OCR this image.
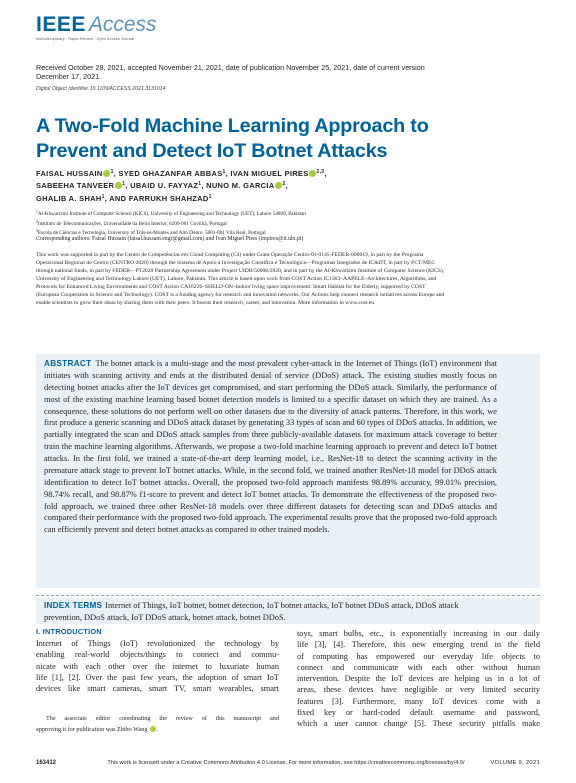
IEEE Access
Multidisciplinary : Rapid Review : Open Access Journal
Received October 28, 2021, accepted November 21, 2021, date of publication November 25, 2021, date of current version December 17, 2021.
Digital Object Identifier 10.1109/ACCESS.2021.3131014
A Two-Fold Machine Learning Approach to
Prevent and Detect IoT Botnet Attacks
FAISAL HUSSAIN $^1$, SYED GHAZANFAR ABBAS$^1$, IVAN MIGUEL PIRES $^{2,3}$,
SABEEHA TANVEER $^1$, UBAID U. FAYYAZ$^1$, NUNO M. GARCIA $^2$,
GHALIB A. SHAH$^1$, AND FARRUKH SHAHZAD$^1$
$^1$Al-Khwarizmi Institute of Computer Science (KICS), University of Engineering and Technology (UET), Lahore 54890, Pakistan
$^2$Instituto de Telecomunicações, Universidade da Beira Interior, 6200-001 Covilhã, Portugal
$^3$Escola de Ciências e Tecnologia, University of Trás-os-Montes and Alto Douro, 5001-801 Vila Real, Portugal
Corresponding authors: Faisal Hussain (faisal.hussain.engr@gmail.com) and Ivan Miguel Pires (impires@it.ubi.pt)
This work was supported in part by the Centro de Competências em Cloud Computing (C4) under Grant Operação Centro-01-0145-FEDER-000019, in part by the Programa Operacional Regional do Centro (CENTRO 2020) through the Sistema de Apoio à Investigação Científica e Tecnológica—Programas Integrados de IC&DT, in part by FCT/MEC through national funds, in part by FEDER—PT2020 Partnership Agreement under Project UIDB/50008/2020, and in part by the Al-Khwarizmi Institute of Computer Science (KICS), University of Engineering and Technology Lahore (UET), Lahore, Pakistan. This article is based upon work from COST Action IC1303–AAPELE–Architectures, Algorithms, and Protocols for Enhanced Living Environments and COST Action CA16226–SHELD-ON–Indoor living space improvement: Smart Habitat for the Elderly, supported by COST (European Cooperation in Science and Technology). COST is a funding agency for research and innovation networks. Our Actions help connect research initiatives across Europe and enable scientists to grow their ideas by sharing them with their peers. It boosts their research, career, and innovation. More information in www.cost.eu.
ABSTRACT The botnet attack is a multi-stage and the most prevalent cyber-attack in the Internet of Things (IoT) environment that initiates with scanning activity and ends at the distributed denial of service (DDoS) attack. The existing studies mostly focus on detecting botnet attacks after the IoT devices get compromised, and start performing the DDoS attack. Similarly, the performance of most of the existing machine learning based botnet detection models is limited to a specific dataset on which they are trained. As a consequence, these solutions do not perform well on other datasets due to the diversity of attack patterns. Therefore, in this work, we first produce a generic scanning and DDoS attack dataset by generating 33 types of scan and 60 types of DDoS attacks. In addition, we partially integrated the scan and DDoS attack samples from three publicly-available datasets for maximum attack coverage to better train the machine learning algorithms. Afterwards, we propose a two-fold machine learning approach to prevent and detect IoT botnet attacks. In the first fold, we trained a state-of-the-art deep learning model, i.e., ResNet-18 to detect the scanning activity in the premature attack stage to prevent IoT botnet attacks. While, in the second fold, we trained another ResNet-18 model for DDoS attack identification to detect IoT botnet attacks. Overall, the proposed two-fold approach manifests 98.89% accuracy, 99.01% precision, 98.74% recall, and 98.87% f1-score to prevent and detect IoT botnet attacks. To demonstrate the effectiveness of the proposed two-fold approach, we trained three other ResNet-18 models over three different datasets for detecting scan and DDoS attacks and compared their performance with the proposed two-fold approach. The experimental results prove that the proposed two-fold approach can efficiently prevent and detect botnet attacks as compared to other trained models.
INDEX TERMS Internet of Things, IoT botnet, botnet detection, IoT botnet attacks, IoT botnet DDoS attack, DDoS attack prevention, DDoS attack, IoT DDoS attack, botnet attack, botnet DDoS.
I. INTRODUCTION
Internet of Things (IoT) revolutionized the technology by
enabling real-world objects/things to connect and commu-
nicate with each other over the internet to luxuriate human
life [1], [2]. Over the past few years, the adoption of smart IoT
devices like smart cameras, smart TV, smart wearables, smart
toys, smart bulbs, etc., is exponentially increasing in our daily
life [3], [4]. Therefore, this new emerging trend in the field
of computing has empowered our everyday life objects to
connect and communicate with each other without human
intervention. Despite the IoT devices are helping us in a lot of
areas, these devices have negligible or very limited security
features [3]. Furthermore, many IoT devices come with a
fixed key or hard-coded default username and password,
which a user cannot change [5]. These security pitfalls make
The associate editor coordinating the review of this manuscript and
approving it for publication was Zhibo Wang .
163412	This work is licensed under a Creative Commons Attribution 4.0 License. For more information, see https://creativecommons.org/licenses/by/4.0/	VOLUME 9, 2021
